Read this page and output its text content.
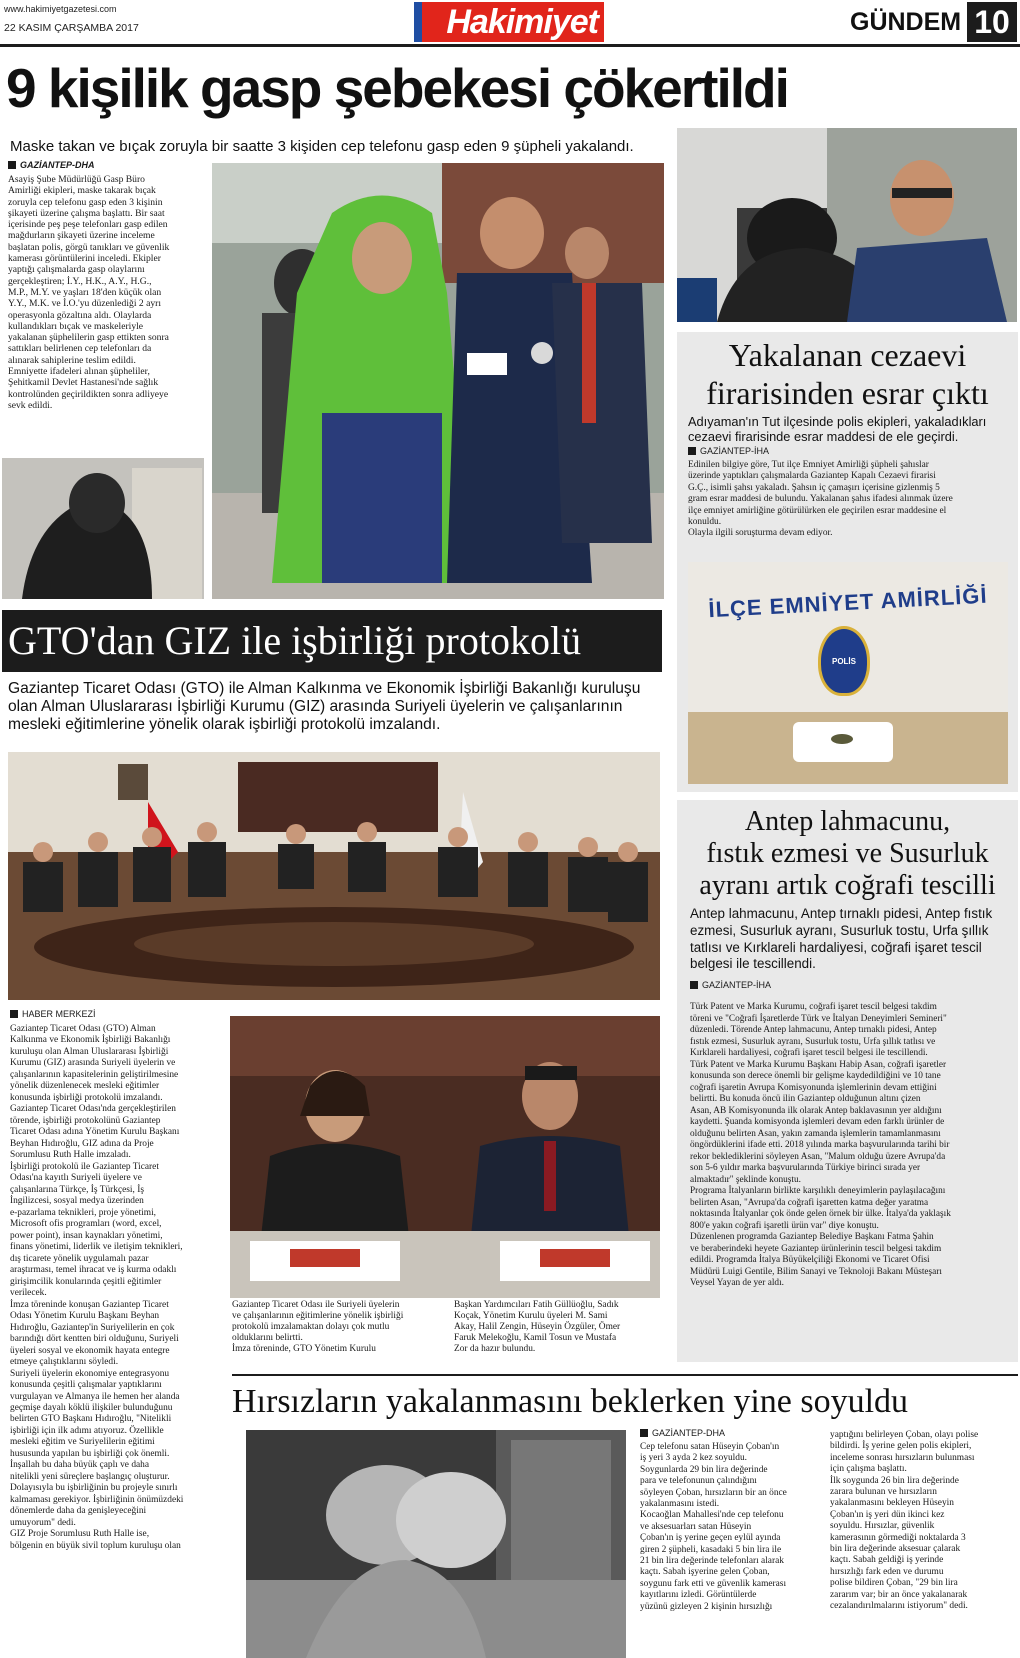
www.hakimiyetgazetesi.com
22 KASIM ÇARŞAMBA 2017	Hakimiyet	GÜNDEM 10
9 kişilik gasp şebekesi çökertildi
Maske takan ve bıçak zoruyla bir saatte 3 kişiden cep telefonu gasp eden 9 şüpheli yakalandı.
GAZİANTEP-DHA
Asayiş Şube Müdürlüğü Gasp Büro
Amirliği ekipleri, maske takarak bıçak
zoruyla cep telefonu gasp eden 3 kişinin
şikayeti üzerine çalışma başlattı. Bir saat
içerisinde peş peşe telefonları gasp edilen
mağdurların şikayeti üzerine inceleme
başlatan polis, görgü tanıkları ve güvenlik
kamerası görüntülerini inceledi. Ekipler
yaptığı çalışmalarda gasp olaylarını
gerçekleştiren; İ.Y., H.K., A.Y., H.G.,
M.P., M.Y. ve yaşları 18'den küçük olan
Y.Y., M.K. ve İ.O.'yu düzenlediği 2 ayrı
operasyonla gözaltına aldı. Olaylarda
kullandıkları bıçak ve maskeleriyle
yakalanan şüphelilerin gasp ettikten sonra
sattıkları belirlenen cep telefonları da
alınarak sahiplerine teslim edildi.
Emniyette ifadeleri alınan şüpheliler,
Şehitkamil Devlet Hastanesi'nde sağlık
kontrolünden geçirildikten sonra adliyeye
sevk edildi.
Yakalanan cezaevi
firarisinden esrar çıktı
Adıyaman'ın Tut ilçesinde polis ekipleri, yakaladıkları cezaevi firarisinde esrar maddesi de ele geçirdi.
GAZİANTEP-İHA
Edinilen bilgiye göre, Tut ilçe Emniyet Amirliği şüpheli şahıslar
üzerinde yaptıkları çalışmalarda Gaziantep Kapalı Cezaevi firarisi
G.Ç., isimli şahsı yakaladı. Şahsın iç çamaşırı içerisine gizlenmiş 5
gram esrar maddesi de bulundu. Yakalanan şahıs ifadesi alınmak üzere
ilçe emniyet amirliğine götürülürken ele geçirilen esrar maddesine el
konuldu.
Olayla ilgili soruşturma devam ediyor.
İLÇE EMNİYET AMİRLİĞİ
POLİS
Antep lahmacunu,
fıstık ezmesi ve Susurluk
ayranı artık coğrafi tescilli
Antep lahmacunu, Antep tırnaklı pidesi, Antep fıstık ezmesi, Susurluk ayranı, Susurluk tostu, Urfa şıllık tatlısı ve Kırklareli hardaliyesi, coğrafi işaret tescil belgesi ile tescillendi.
GAZİANTEP-İHA
Türk Patent ve Marka Kurumu, coğrafi işaret tescil belgesi takdim
töreni ve "Coğrafi İşaretlerde Türk ve İtalyan Deneyimleri Semineri"
düzenledi. Törende Antep lahmacunu, Antep tırnaklı pidesi, Antep
fıstık ezmesi, Susurluk ayranı, Susurluk tostu, Urfa şıllık tatlısı ve
Kırklareli hardaliyesi, coğrafi işaret tescil belgesi ile tescillendi.
Türk Patent ve Marka Kurumu Başkanı Habip Asan, coğrafi işaretler
konusunda son derece önemli bir gelişme kaydedildiğini ve 10 tane
coğrafi işaretin Avrupa Komisyonunda işlemlerinin devam ettiğini
belirtti. Bu konuda öncü ilin Gaziantep olduğunun altını çizen
Asan, AB Komisyonunda ilk olarak Antep baklavasının yer aldığını
kaydetti. Şuanda komisyonda işlemleri devam eden farklı ürünler de
olduğunu belirten Asan, yakın zamanda işlemlerin tamamlanmasını
öngördüklerini ifade etti. 2018 yılında marka başvurularında tarihi bir
rekor beklediklerini söyleyen Asan, "Malum olduğu üzere Avrupa'da
son 5-6 yıldır marka başvurularında Türkiye birinci sırada yer
almaktadır" şeklinde konuştu.
Programa İtalyanların birlikte karşılıklı deneyimlerin paylaşılacağını
belirten Asan, "Avrupa'da coğrafi işaretten katma değer yaratma
noktasında İtalyanlar çok önde gelen örnek bir ülke. İtalya'da yaklaşık
800'e yakın coğrafi işaretli ürün var" diye konuştu.
Düzenlenen programda Gaziantep Belediye Başkanı Fatma Şahin
ve beraberindeki heyete Gaziantep ürünlerinin tescil belgesi takdim
edildi. Programda İtalya Büyükelçiliği Ekonomi ve Ticaret Ofisi
Müdürü Luigi Gentile, Bilim Sanayi ve Teknoloji Bakanı Müsteşarı
Veysel Yayan de yer aldı.
GTO'dan GIZ ile işbirliği protokolü
Gaziantep Ticaret Odası (GTO) ile Alman Kalkınma ve Ekonomik İşbirliği Bakanlığı kuruluşu olan Alman Uluslararası İşbirliği Kurumu (GIZ) arasında Suriyeli üyelerin ve çalışanlarının mesleki eğitimlerine yönelik olarak işbirliği protokolü imzalandı.
HABER MERKEZİ
Gaziantep Ticaret Odası (GTO) Alman
Kalkınma ve Ekonomik İşbirliği Bakanlığı
kuruluşu olan Alman Uluslararası İşbirliği
Kurumu (GIZ) arasında Suriyeli üyelerin ve
çalışanlarının kapasitelerinin geliştirilmesine
yönelik düzenlenecek mesleki eğitimler
konusunda işbirliği protokolü imzalandı.
Gaziantep Ticaret Odası'nda gerçekleştirilen
törende, işbirliği protokolünü Gaziantep
Ticaret Odası adına Yönetim Kurulu Başkanı
Beyhan Hıdıroğlu, GIZ adına da Proje
Sorumlusu Ruth Halle imzaladı.
İşbirliği protokolü ile Gaziantep Ticaret
Odası'na kayıtlı Suriyeli üyelere ve
çalışanlarına Türkçe, İş Türkçesi, İş
İngilizcesi, sosyal medya üzerinden
e-pazarlama teknikleri, proje yönetimi,
Microsoft ofis programları (word, excel,
power point), insan kaynakları yönetimi,
finans yönetimi, liderlik ve iletişim teknikleri,
dış ticarete yönelik uygulamalı pazar
araştırması, temel ihracat ve iş kurma odaklı
girişimcilik konularında çeşitli eğitimler
verilecek.
İmza töreninde konuşan Gaziantep Ticaret
Odası Yönetim Kurulu Başkanı Beyhan
Hıdıroğlu, Gaziantep'in Suriyelilerin en çok
barındığı dört kentten biri olduğunu, Suriyeli
üyeleri sosyal ve ekonomik hayata entegre
etmeye çalıştıklarını söyledi.
Suriyeli üyelerin ekonomiye entegrasyonu
konusunda çeşitli çalışmalar yaptıklarını
vurgulayan ve Almanya ile hemen her alanda
geçmişe dayalı köklü ilişkiler bulunduğunu
belirten GTO Başkanı Hıdıroğlu, "Nitelikli
işbirliği için ilk adımı atıyoruz. Özellikle
mesleki eğitim ve Suriyelilerin eğitimi
hususunda yapılan bu işbirliği çok önemli.
İnşallah bu daha büyük çaplı ve daha
nitelikli yeni süreçlere başlangıç oluşturur.
Dolayısıyla bu işbirliğinin bu projeyle sınırlı
kalmaması gerekiyor. İşbirliğinin önümüzdeki
dönemlerde daha da genişleyeceğini
umuyorum" dedi.
GIZ Proje Sorumlusu Ruth Halle ise,
bölgenin en büyük sivil toplum kuruluşu olan
Gaziantep Ticaret Odası ile Suriyeli üyelerin
ve çalışanlarının eğitimlerine yönelik işbirliği
protokolü imzalamaktan dolayı çok mutlu
olduklarını belirtti.
İmza töreninde, GTO Yönetim Kurulu
Başkan Yardımcıları Fatih Güllüoğlu, Sadık
Koçak, Yönetim Kurulu üyeleri M. Sami
Akay, Halil Zengin, Hüseyin Özgüler, Ömer
Faruk Melekoğlu, Kamil Tosun ve Mustafa
Zor da hazır bulundu.
Hırsızların yakalanmasını beklerken yine soyuldu
GAZİANTEP-DHA
Cep telefonu satan Hüseyin Çoban'ın
iş yeri 3 ayda 2 kez soyuldu.
Soygunlarda 29 bin lira değerinde
para ve telefonunun çalındığını
söyleyen Çoban, hırsızların bir an önce
yakalanmasını istedi.
Kocaoğlan Mahallesi'nde cep telefonu
ve aksesuarları satan Hüseyin
Çoban'ın iş yerine geçen eylül ayında
giren 2 şüpheli, kasadaki 5 bin lira ile
21 bin lira değerinde telefonları alarak
kaçtı. Sabah işyerine gelen Çoban,
soygunu fark etti ve güvenlik kamerası
kayıtlarını izledi. Görüntülerde
yüzünü gizleyen 2 kişinin hırsızlığı
yaptığını belirleyen Çoban, olayı polise
bildirdi. İş yerine gelen polis ekipleri,
inceleme sonrası hırsızların bulunması
için çalışma başlattı.
İlk soygunda 26 bin lira değerinde
zarara bulunan ve hırsızların
yakalanmasını bekleyen Hüseyin
Çoban'ın iş yeri dün ikinci kez
soyuldu. Hırsızlar, güvenlik
kamerasının görmediği noktalarda 3
bin lira değerinde aksesuar çalarak
kaçtı. Sabah geldiği iş yerinde
hırsızlığı fark eden ve durumu
polise bildiren Çoban, "29 bin lira
zararım var; bir an önce yakalanarak
cezalandırılmalarını istiyorum" dedi.
